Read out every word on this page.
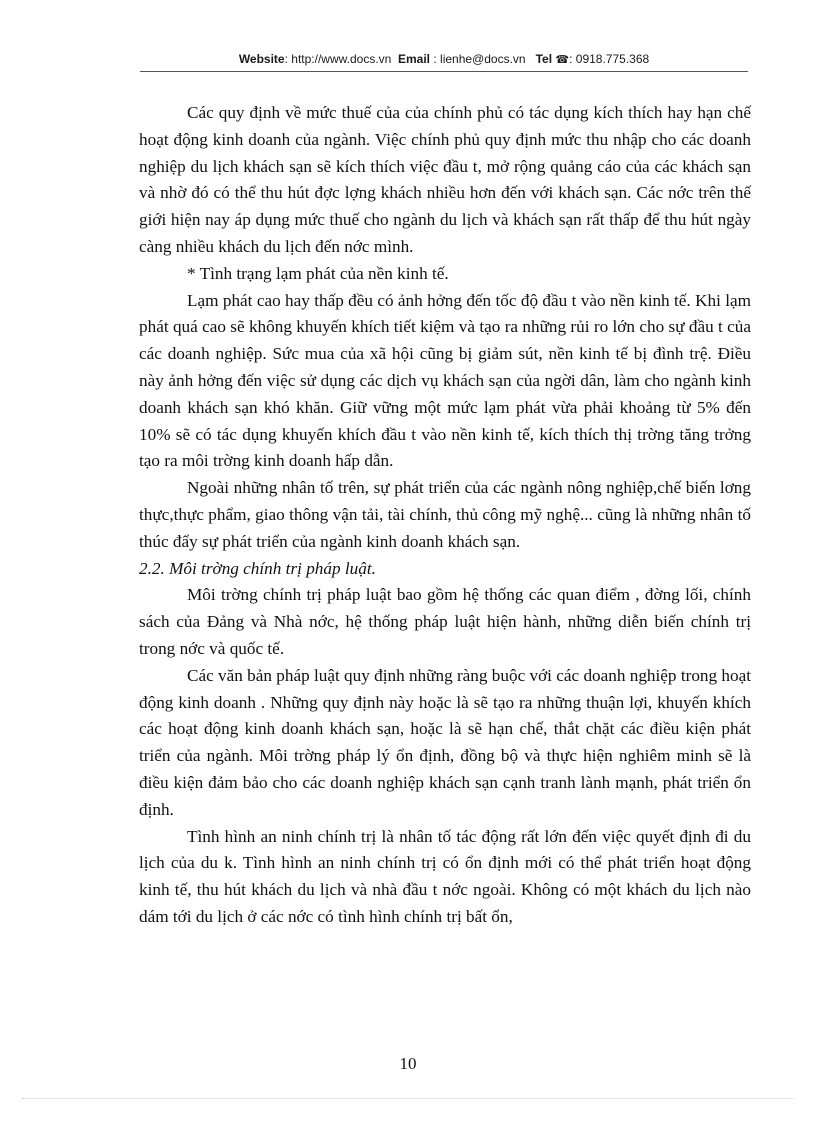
Website: http://www.docs.vn Email : lienhe@docs.vn Tel ☎: 0918.775.368

Các quy định về mức thuế của của chính phủ có tác dụng kích thích hay hạn chế hoạt động kinh doanh của ngành. Việc chính phủ quy định mức thu nhập cho các doanh nghiệp du lịch khách sạn sẽ kích thích việc đầu t, mở rộng quảng cáo của các khách sạn và nhờ đó có thể thu hút đợc lợng khách nhiều hơn đến với khách sạn. Các nớc trên thế giới hiện nay áp dụng mức thuế cho ngành du lịch và khách sạn rất thấp để thu hút ngày càng nhiều khách du lịch đến nớc mình.

* Tình trạng lạm phát của nền kinh tế.

Lạm phát cao hay thấp đều có ảnh hởng đến tốc độ đầu t vào nền kinh tế. Khi lạm phát quá cao sẽ không khuyến khích tiết kiệm và tạo ra những rủi ro lớn cho sự đầu t của các doanh nghiệp. Sức mua của xã hội cũng bị giảm sút, nền kinh tế bị đình trệ. Điều này ảnh hởng đến việc sử dụng các dịch vụ khách sạn của ngời dân, làm cho ngành kinh doanh khách sạn khó khăn. Giữ vững một mức lạm phát vừa phải khoảng từ 5% đến 10% sẽ có tác dụng khuyến khích đầu t vào nền kinh tế, kích thích thị trờng tăng trởng tạo ra môi trờng kinh doanh hấp dẫn.

Ngoài những nhân tố trên, sự phát triển của các ngành nông nghiệp,chế biến lơng thực,thực phẩm, giao thông vận tải, tài chính, thủ công mỹ nghệ... cũng là những nhân tố thúc đẩy sự phát triển của ngành kinh doanh khách sạn.

2.2. Môi trờng chính trị pháp luật.

Môi trờng chính trị pháp luật bao gồm hệ thống các quan điểm , đờng lối, chính sách của Đảng và Nhà nớc, hệ thống pháp luật hiện hành, những diễn biến chính trị trong nớc và quốc tế.

Các văn bản pháp luật quy định những ràng buộc với các doanh nghiệp trong hoạt động kinh doanh . Những quy định này hoặc là sẽ tạo ra những thuận lợi, khuyến khích các hoạt động kinh doanh khách sạn, hoặc là sẽ hạn chế, thắt chặt các điều kiện phát triển của ngành. Môi trờng pháp lý ổn định, đồng bộ và thực hiện nghiêm minh sẽ là điều kiện đảm bảo cho các doanh nghiệp khách sạn cạnh tranh lành mạnh, phát triển ổn định.

Tình hình an ninh chính trị là nhân tố tác động rất lớn đến việc quyết định đi du lịch của du k. Tình hình an ninh chính trị có ổn định mới có thể phát triển hoạt động kinh tế, thu hút khách du lịch và nhà đầu t nớc ngoài. Không có một khách du lịch nào dám tới du lịch ở các nớc có tình hình chính trị bất ổn,

10
